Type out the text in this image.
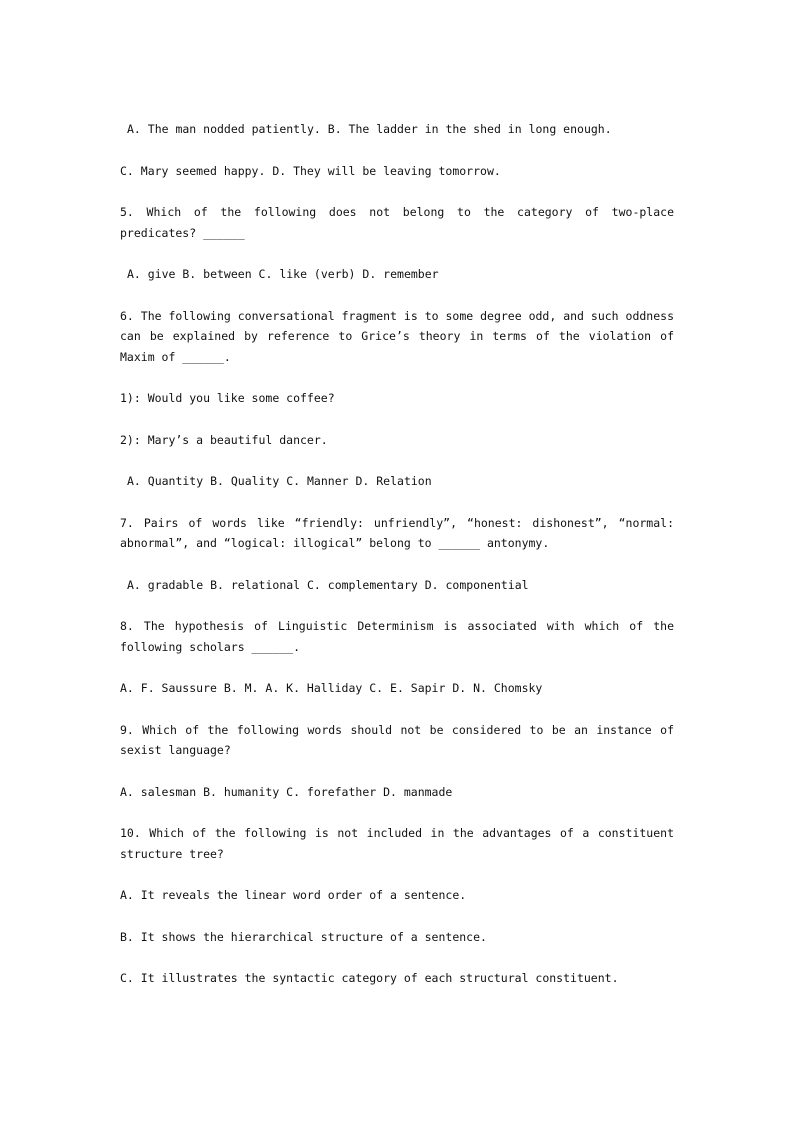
A. The man nodded patiently. B. The ladder in the shed in long enough.

C. Mary seemed happy. D. They will be leaving tomorrow.

5. Which of the following does not belong to the category of two-place predicates? ______

A. give B. between C. like (verb) D. remember

6. The following conversational fragment is to some degree odd, and such oddness can be explained by reference to Grice’s theory in terms of the violation of Maxim of ______.

1): Would you like some coffee?

2): Mary’s a beautiful dancer.

A. Quantity B. Quality C. Manner D. Relation

7. Pairs of words like “friendly: unfriendly”, “honest: dishonest”, “normal: abnormal”, and “logical: illogical” belong to ______ antonymy.

A. gradable B. relational C. complementary D. componential

8. The hypothesis of Linguistic Determinism is associated with which of the following scholars ______.

A. F. Saussure B. M. A. K. Halliday C. E. Sapir D. N. Chomsky

9. Which of the following words should not be considered to be an instance of sexist language?

A. salesman B. humanity C. forefather D. manmade

10. Which of the following is not included in the advantages of a constituent structure tree?

A. It reveals the linear word order of a sentence.

B. It shows the hierarchical structure of a sentence.

C. It illustrates the syntactic category of each structural constituent.
